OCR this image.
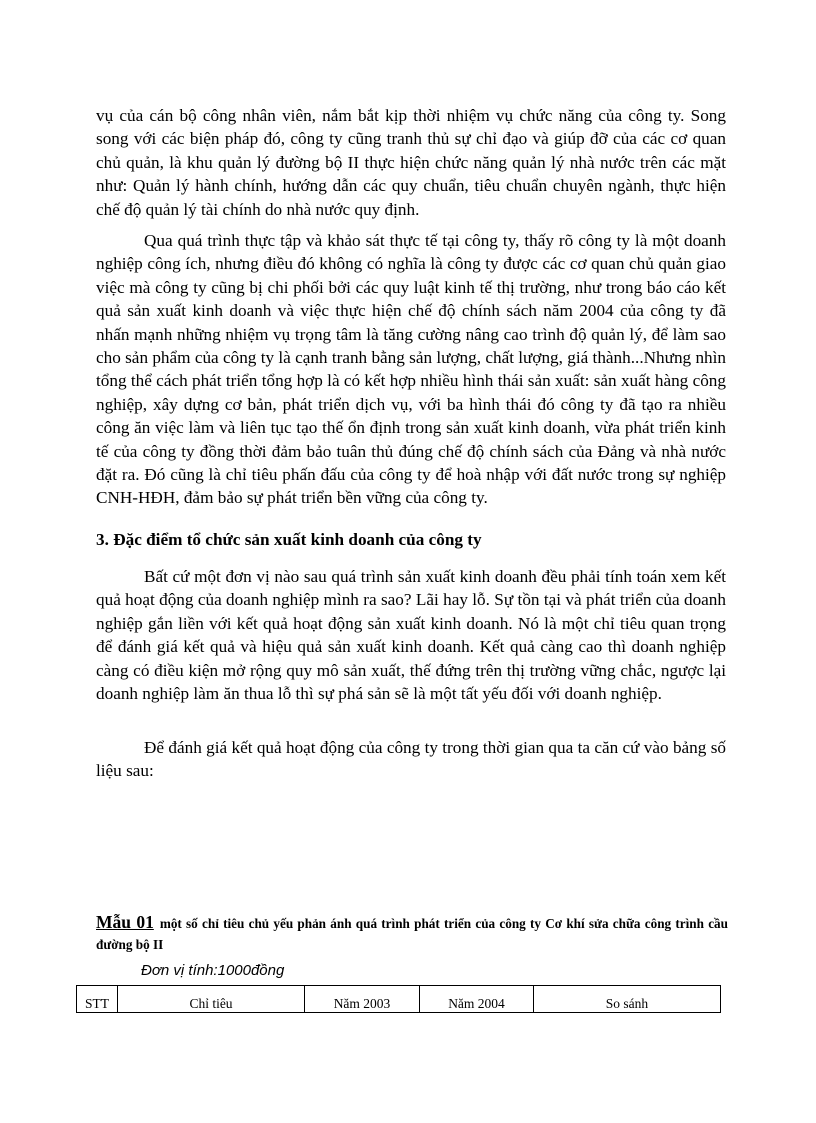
vụ của cán bộ công nhân viên, nắm bắt kịp thời nhiệm vụ chức năng của công ty. Song song với các biện pháp đó, công ty cũng tranh thủ sự chỉ đạo và giúp đỡ của các cơ quan chủ quản, là khu quản lý đường bộ II thực hiện chức năng quản lý nhà nước trên các mặt như: Quản lý hành chính, hướng dẫn các quy chuẩn, tiêu chuẩn chuyên ngành, thực hiện chế độ quản lý tài chính do nhà nước quy định.

Qua quá trình thực tập và khảo sát thực tế tại công ty, thấy rõ công ty là một doanh nghiệp công ích, nhưng điều đó không có nghĩa là công ty được các cơ quan chủ quản giao việc mà công ty cũng bị chi phối bởi các quy luật kinh tế thị trường, như trong báo cáo kết quả sản xuất kinh doanh và việc thực hiện chế độ chính sách năm 2004 của công ty đã nhấn mạnh những nhiệm vụ trọng tâm là tăng cường nâng cao trình độ quản lý, để làm sao cho sản phẩm của công ty là cạnh tranh bằng sản lượng, chất lượng, giá thành...Nhưng nhìn tổng thể cách phát triển tổng hợp là có kết hợp nhiều hình thái sản xuất: sản xuất hàng công nghiệp, xây dựng cơ bản, phát triển dịch vụ, với ba hình thái đó công ty đã tạo ra nhiều công ăn việc làm và liên tục tạo thế ổn định trong sản xuất kinh doanh, vừa phát triển kinh tế của công ty đồng thời đảm bảo tuân thủ đúng chế độ chính sách của Đảng và nhà nước đặt ra. Đó cũng là chỉ tiêu phấn đấu của công ty để hoà nhập với đất nước trong sự nghiệp CNH-HĐH, đảm bảo sự phát triển bền vững của công ty.

3. Đặc điểm tổ chức sản xuất kinh doanh của công ty

Bất cứ một đơn vị nào sau quá trình sản xuất kinh doanh đều phải tính toán xem kết quả hoạt động của doanh nghiệp mình ra sao? Lãi hay lỗ. Sự tồn tại và phát triển của doanh nghiệp gắn liền với kết quả hoạt động sản xuất kinh doanh. Nó là một chỉ tiêu quan trọng để đánh giá kết quả và hiệu quả sản xuất kinh doanh. Kết quả càng cao thì doanh nghiệp càng có điều kiện mở rộng quy mô sản xuất, thế đứng trên thị trường vững chắc, ngược lại doanh nghiệp làm ăn thua lỗ thì sự phá sản sẽ là một tất yếu đối với doanh nghiệp.

Để đánh giá kết quả hoạt động của công ty trong thời gian qua ta căn cứ vào bảng số liệu sau:

Mẫu 01 một số chỉ tiêu chủ yếu phản ánh quá trình phát triển của công ty Cơ khí sửa chữa công trình cầu đường bộ II

Đơn vị tính:1000đồng

STT	Chỉ tiêu	Năm 2003	Năm 2004	So sánh
